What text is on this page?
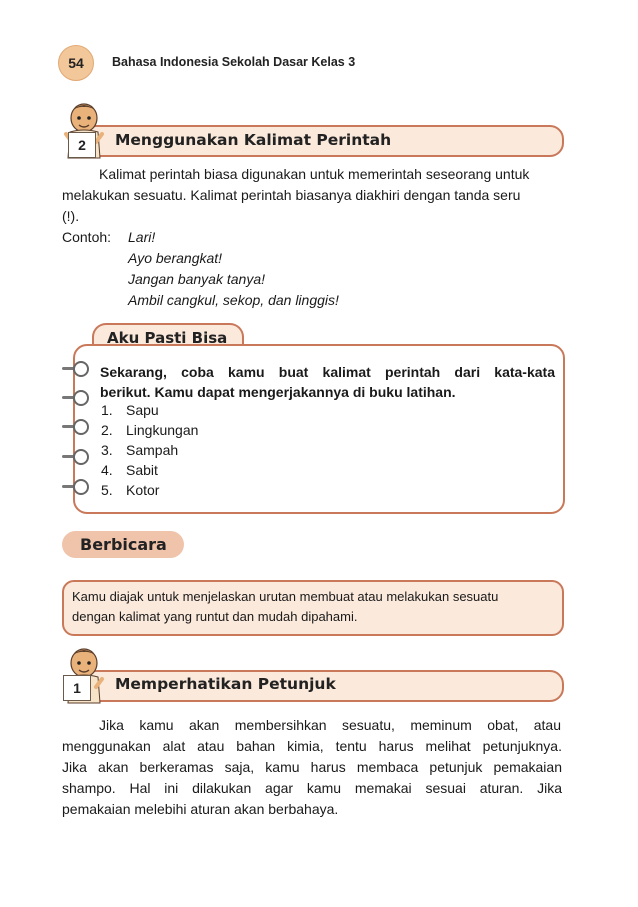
54 Bahasa Indonesia Sekolah Dasar Kelas 3
2 Menggunakan Kalimat Perintah
Kalimat perintah biasa digunakan untuk memerintah seseorang untuk
melakukan sesuatu. Kalimat perintah biasanya diakhiri dengan tanda seru
(!).
Contoh: Lari!
Ayo berangkat!
Jangan banyak tanya!
Ambil cangkul, sekop, dan linggis!
Aku Pasti Bisa
Sekarang, coba kamu buat kalimat perintah dari kata-kata
berikut. Kamu dapat mengerjakannya di buku latihan.
1. Sapu
2. Lingkungan
3. Sampah
4. Sabit
5. Kotor
Berbicara
Kamu diajak untuk menjelaskan urutan membuat atau melakukan sesuatu
dengan kalimat yang runtut dan mudah dipahami.
1 Memperhatikan Petunjuk
Jika kamu akan membersihkan sesuatu, meminum obat, atau
menggunakan alat atau bahan kimia, tentu harus melihat petunjuknya.
Jika akan berkeramas saja, kamu harus membaca petunjuk pemakaian
shampo. Hal ini dilakukan agar kamu memakai sesuai aturan. Jika
pemakaian melebihi aturan akan berbahaya.
